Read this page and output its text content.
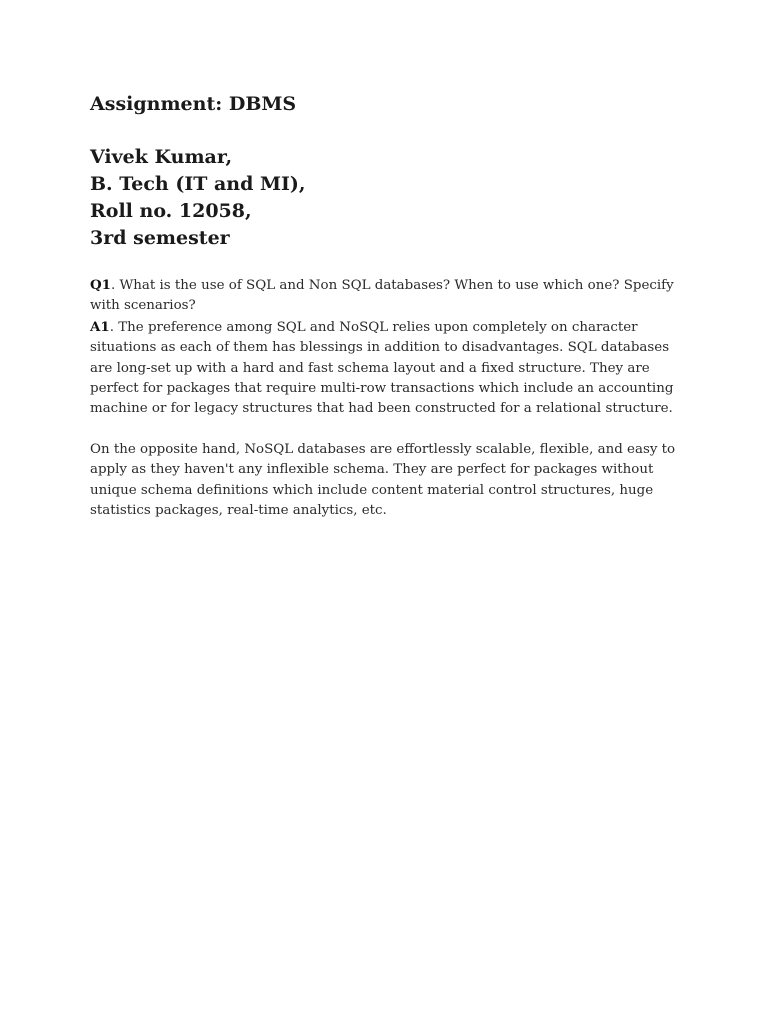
Assignment: DBMS
Vivek Kumar,
B. Tech (IT and MI),
Roll no. 12058,
3rd semester

Q1. What is the use of SQL and Non SQL databases? When to use which one? Specify with scenarios?

A1. The preference among SQL and NoSQL relies upon completely on character situations as each of them has blessings in addition to disadvantages. SQL databases are long-set up with a hard and fast schema layout and a fixed structure. They are perfect for packages that require multi-row transactions which include an accounting machine or for legacy structures that had been constructed for a relational structure.

On the opposite hand, NoSQL databases are effortlessly scalable, flexible, and easy to apply as they haven't any inflexible schema. They are perfect for packages without unique schema definitions which include content material control structures, huge statistics packages, real-time analytics, etc.
